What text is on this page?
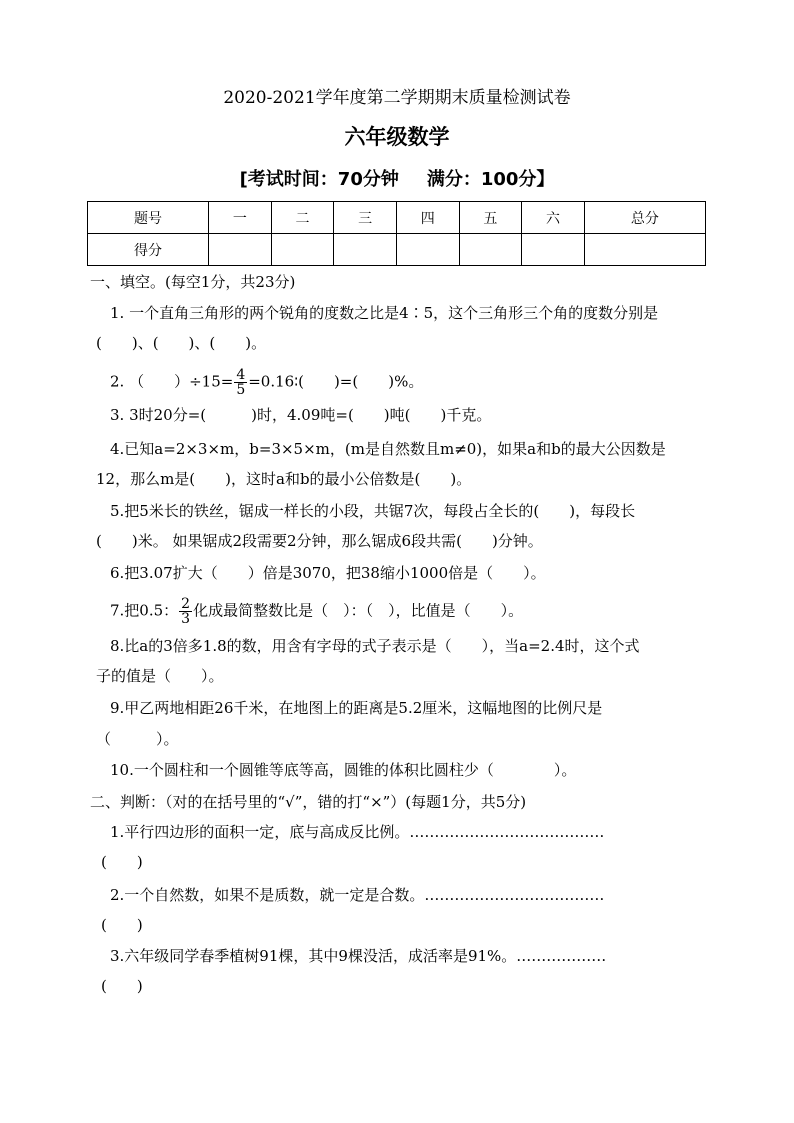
2020-2021学年度第二学期期末质量检测试卷
六年级数学
[考试时间：70分钟 满分：100分】
题号	一	二	三	四	五	六	总分
得分							
一、填空。(每空1分，共23分)
1. 一个直角三角形的两个锐角的度数之比是4∶5，这个三角形三个角的度数分别是
(　　)、(　　)、(　　)。
2. （　　）$\div 15= \frac{4}{5}$ =0.16∶(　　)=(　　)%。
3. 3时20分=(　　　)时，4.09吨=(　　)吨(　　)千克。
4.已知a=2×3×m，b=3×5×m，(m是自然数且m≠0)，如果a和b的最大公因数是
12，那么m是(　　)，这时a和b的最小公倍数是(　　)。
5.把5米长的铁丝，锯成一样长的小段，共锯7次，每段占全长的(　　)，每段长
(　　)米。 如果锯成2段需要2分钟，那么锯成6段共需(　　)分钟。
6.把3.07扩大（　　）倍是3070，把38缩小1000倍是（　　）。
7.把0.5： $\frac{2}{3}$ 化成最简整数比是（　）：（　），比值是（　　）。
8.比a的3倍多1.8的数，用含有字母的式子表示是（　　），当a=2.4时，这个式
子的值是（　　）。
9.甲乙两地相距26千米，在地图上的距离是5.2厘米，这幅地图的比例尺是
（　　　）。
10.一个圆柱和一个圆锥等底等高，圆锥的体积比圆柱少（　　　　）。
二、判断：（对的在括号里的“√”，错的打“×”）(每题1分，共5分)
1.平行四边形的面积一定，底与高成反比例。…………………………………
(　　)
2.一个自然数，如果不是质数，就一定是合数。………………………………
(　　)
3.六年级同学春季植树91棵，其中9棵没活，成活率是91%。………………
(　　)
